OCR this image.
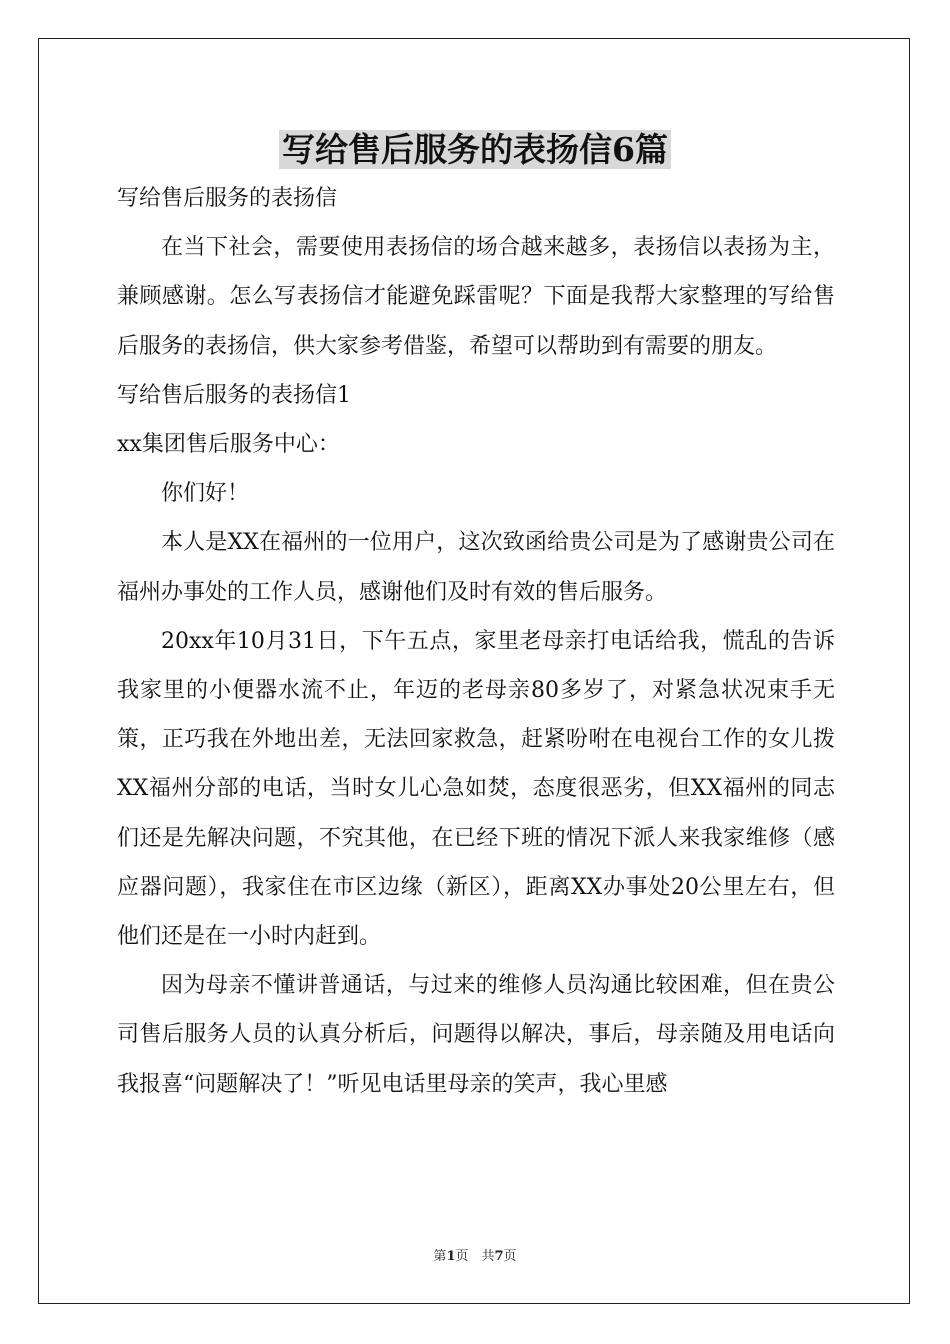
写给售后服务的表扬信6篇

写给售后服务的表扬信

在当下社会，需要使用表扬信的场合越来越多，表扬信以表扬为主，兼顾感谢。怎么写表扬信才能避免踩雷呢？下面是我帮大家整理的写给售后服务的表扬信，供大家参考借鉴，希望可以帮助到有需要的朋友。

写给售后服务的表扬信1

xx集团售后服务中心：

你们好！

本人是XX在福州的一位用户，这次致函给贵公司是为了感谢贵公司在福州办事处的工作人员，感谢他们及时有效的售后服务。

20xx年10月31日，下午五点，家里老母亲打电话给我，慌乱的告诉我家里的小便器水流不止，年迈的老母亲80多岁了，对紧急状况束手无策，正巧我在外地出差，无法回家救急，赶紧吩咐在电视台工作的女儿拨XX福州分部的电话，当时女儿心急如焚，态度很恶劣，但XX福州的同志们还是先解决问题，不究其他，在已经下班的情况下派人来我家维修（感应器问题），我家住在市区边缘（新区），距离XX办事处20公里左右，但他们还是在一小时内赶到。

因为母亲不懂讲普通话，与过来的维修人员沟通比较困难，但在贵公司售后服务人员的认真分析后，问题得以解决，事后，母亲随及用电话向我报喜“问题解决了！”听见电话里母亲的笑声，我心里感

第1页　共7页
